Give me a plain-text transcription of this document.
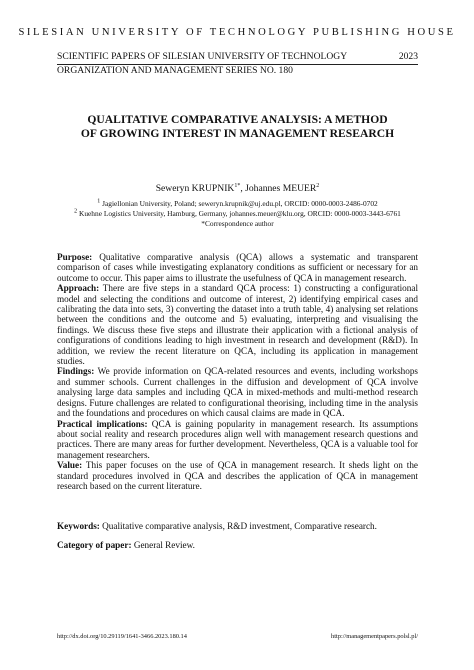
SILESIAN UNIVERSITY OF TECHNOLOGY PUBLISHING HOUSE
SCIENTIFIC PAPERS OF SILESIAN UNIVERSITY OF TECHNOLOGY	2023
ORGANIZATION AND MANAGEMENT SERIES NO. 180
QUALITATIVE COMPARATIVE ANALYSIS: A METHOD
OF GROWING INTEREST IN MANAGEMENT RESEARCH
Seweryn $KRUPNIK^{1*}$, Johannes MEUER$^2$
$^1$ Jagiellonian University, Poland; seweryn.krupnik@uj.edu.pl, ORCID: 0000-0003-2486-0702
$^2$ Kuehne Logistics University, Hamburg, Germany, johannes.meuer@klu.org, ORCID: 0000-0003-3443-6761
*Correspondence author

Purpose: Qualitative comparative analysis (QCA) allows a systematic and transparent comparison of cases while investigating explanatory conditions as sufficient or necessary for an outcome to occur. This paper aims to illustrate the usefulness of QCA in management research.

Approach: There are five steps in a standard QCA process: 1) constructing a configurational model and selecting the conditions and outcome of interest, 2) identifying empirical cases and calibrating the data into sets, 3) converting the dataset into a truth table, 4) analysing set relations between the conditions and the outcome and 5) evaluating, interpreting and visualising the findings. We discuss these five steps and illustrate their application with a fictional analysis of configurations of conditions leading to high investment in research and development (R&D). In addition, we review the recent literature on QCA, including its application in management studies.

Findings: We provide information on QCA-related resources and events, including workshops and summer schools. Current challenges in the diffusion and development of QCA involve analysing large data samples and including QCA in mixed-methods and multi-method research designs. Future challenges are related to configurational theorising, including time in the analysis and the foundations and procedures on which causal claims are made in QCA.

Practical implications: QCA is gaining popularity in management research. Its assumptions about social reality and research procedures align well with management research questions and practices. There are many areas for further development. Nevertheless, QCA is a valuable tool for management researchers.

Value: This paper focuses on the use of QCA in management research. It sheds light on the standard procedures involved in QCA and describes the application of QCA in management research based on the current literature.

Keywords: Qualitative comparative analysis, R&D investment, Comparative research.
Category of paper: General Review.
http://dx.doi.org/10.29119/1641-3466.2023.180.14	http://managementpapers.polsl.pl/
